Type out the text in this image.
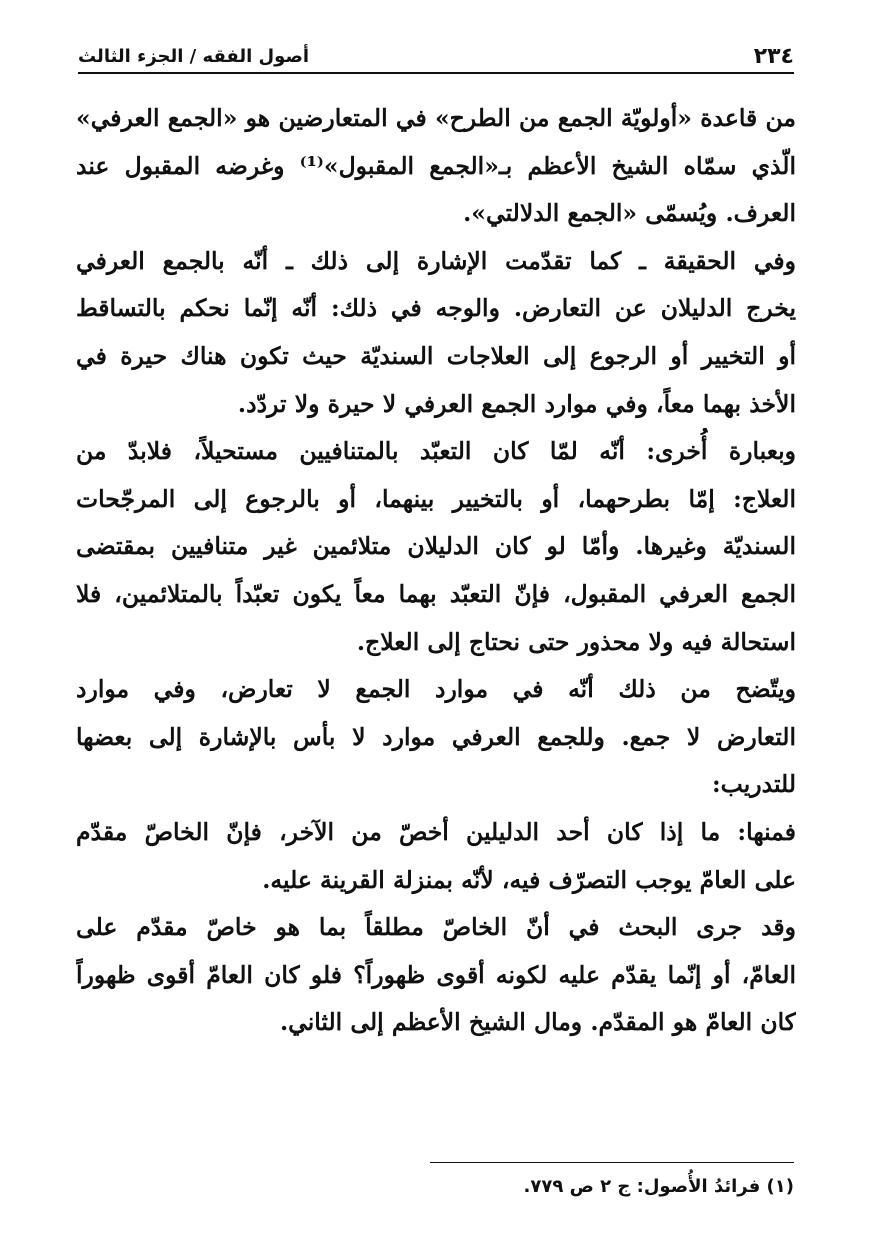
٢٣٤
أصول الفقه / الجزء الثالث
من قاعدة «أولويّة الجمع من الطرح» في المتعارضين هو «الجمع العرفي»
الّذي سمّاه الشيخ الأعظم بـ«الجمع المقبول»⁽¹⁾ وغرضه المقبول عند
العرف. ويُسمّى «الجمع الدلالتي».
وفي الحقيقة ـ كما تقدّمت الإشارة إلى ذلك ـ أنّه بالجمع العرفي
يخرج الدليلان عن التعارض. والوجه في ذلك: أنّه إنّما نحكم بالتساقط
أو التخيير أو الرجوع إلى العلاجات السنديّة حيث تكون هناك حيرة في
الأخذ بهما معاً، وفي موارد الجمع العرفي لا حيرة ولا تردّد.
وبعبارة أُخرى: أنّه لمّا كان التعبّد بالمتنافيين مستحيلاً، فلابدّ من
العلاج: إمّا بطرحهما، أو بالتخيير بينهما، أو بالرجوع إلى المرجّحات
السنديّة وغيرها. وأمّا لو كان الدليلان متلائمين غير متنافيين بمقتضى
الجمع العرفي المقبول، فإنّ التعبّد بهما معاً يكون تعبّداً بالمتلائمين، فلا
استحالة فيه ولا محذور حتى نحتاج إلى العلاج.
ويتّضح من ذلك أنّه في موارد الجمع لا تعارض، وفي موارد
التعارض لا جمع. وللجمع العرفي موارد لا بأس بالإشارة إلى بعضها
للتدريب:
فمنها: ما إذا كان أحد الدليلين أخصّ من الآخر، فإنّ الخاصّ مقدّم
على العامّ يوجب التصرّف فيه، لأنّه بمنزلة القرينة عليه.
وقد جرى البحث في أنّ الخاصّ مطلقاً بما هو خاصّ مقدّم على
العامّ، أو إنّما يقدّم عليه لكونه أقوى ظهوراً؟ فلو كان العامّ أقوى ظهوراً
كان العامّ هو المقدّم. ومال الشيخ الأعظم إلى الثاني.
(١) فرائدُ الأُصول: ج ٢ ص ٧٧٩.
